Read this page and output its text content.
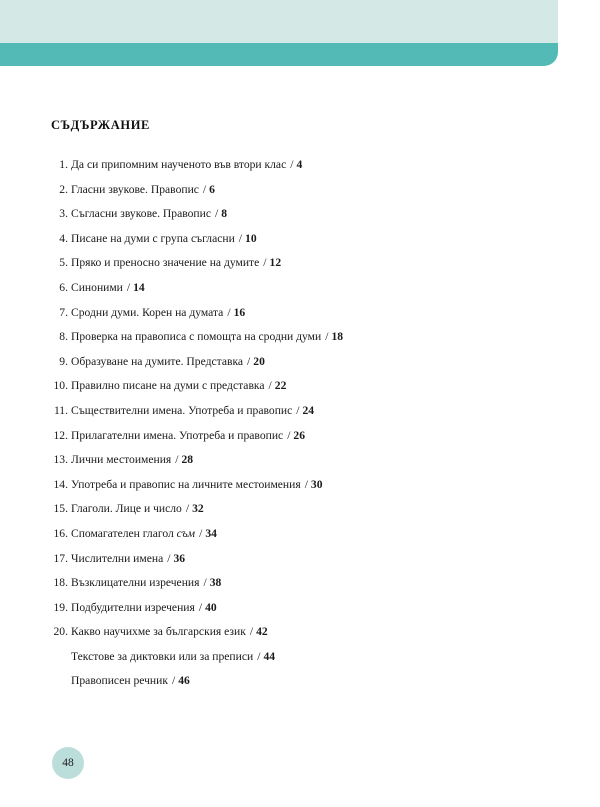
СЪДЪРЖАНИЕ
1. Да си припомним наученото във втори клас / 4
2. Гласни звукове. Правопис / 6
3. Съгласни звукове. Правопис / 8
4. Писане на думи с група съгласни / 10
5. Пряко и преносно значение на думите / 12
6. Синоними / 14
7. Сродни думи. Корен на думата / 16
8. Проверка на правописа с помощта на сродни думи / 18
9. Образуване на думите. Представка / 20
10. Правилно писане на думи с представка / 22
11. Съществителни имена. Употреба и правопис / 24
12. Прилагателни имена. Употреба и правопис / 26
13. Лични местоимения / 28
14. Употреба и правопис на личните местоимения / 30
15. Глаголи. Лице и число / 32
16. Спомагателен глагол съм / 34
17. Числителни имена / 36
18. Възклицателни изречения / 38
19. Подбудителни изречения / 40
20. Какво научихме за българския език / 42
Текстове за диктовки или за преписи / 44
Правописен речник / 46
48
